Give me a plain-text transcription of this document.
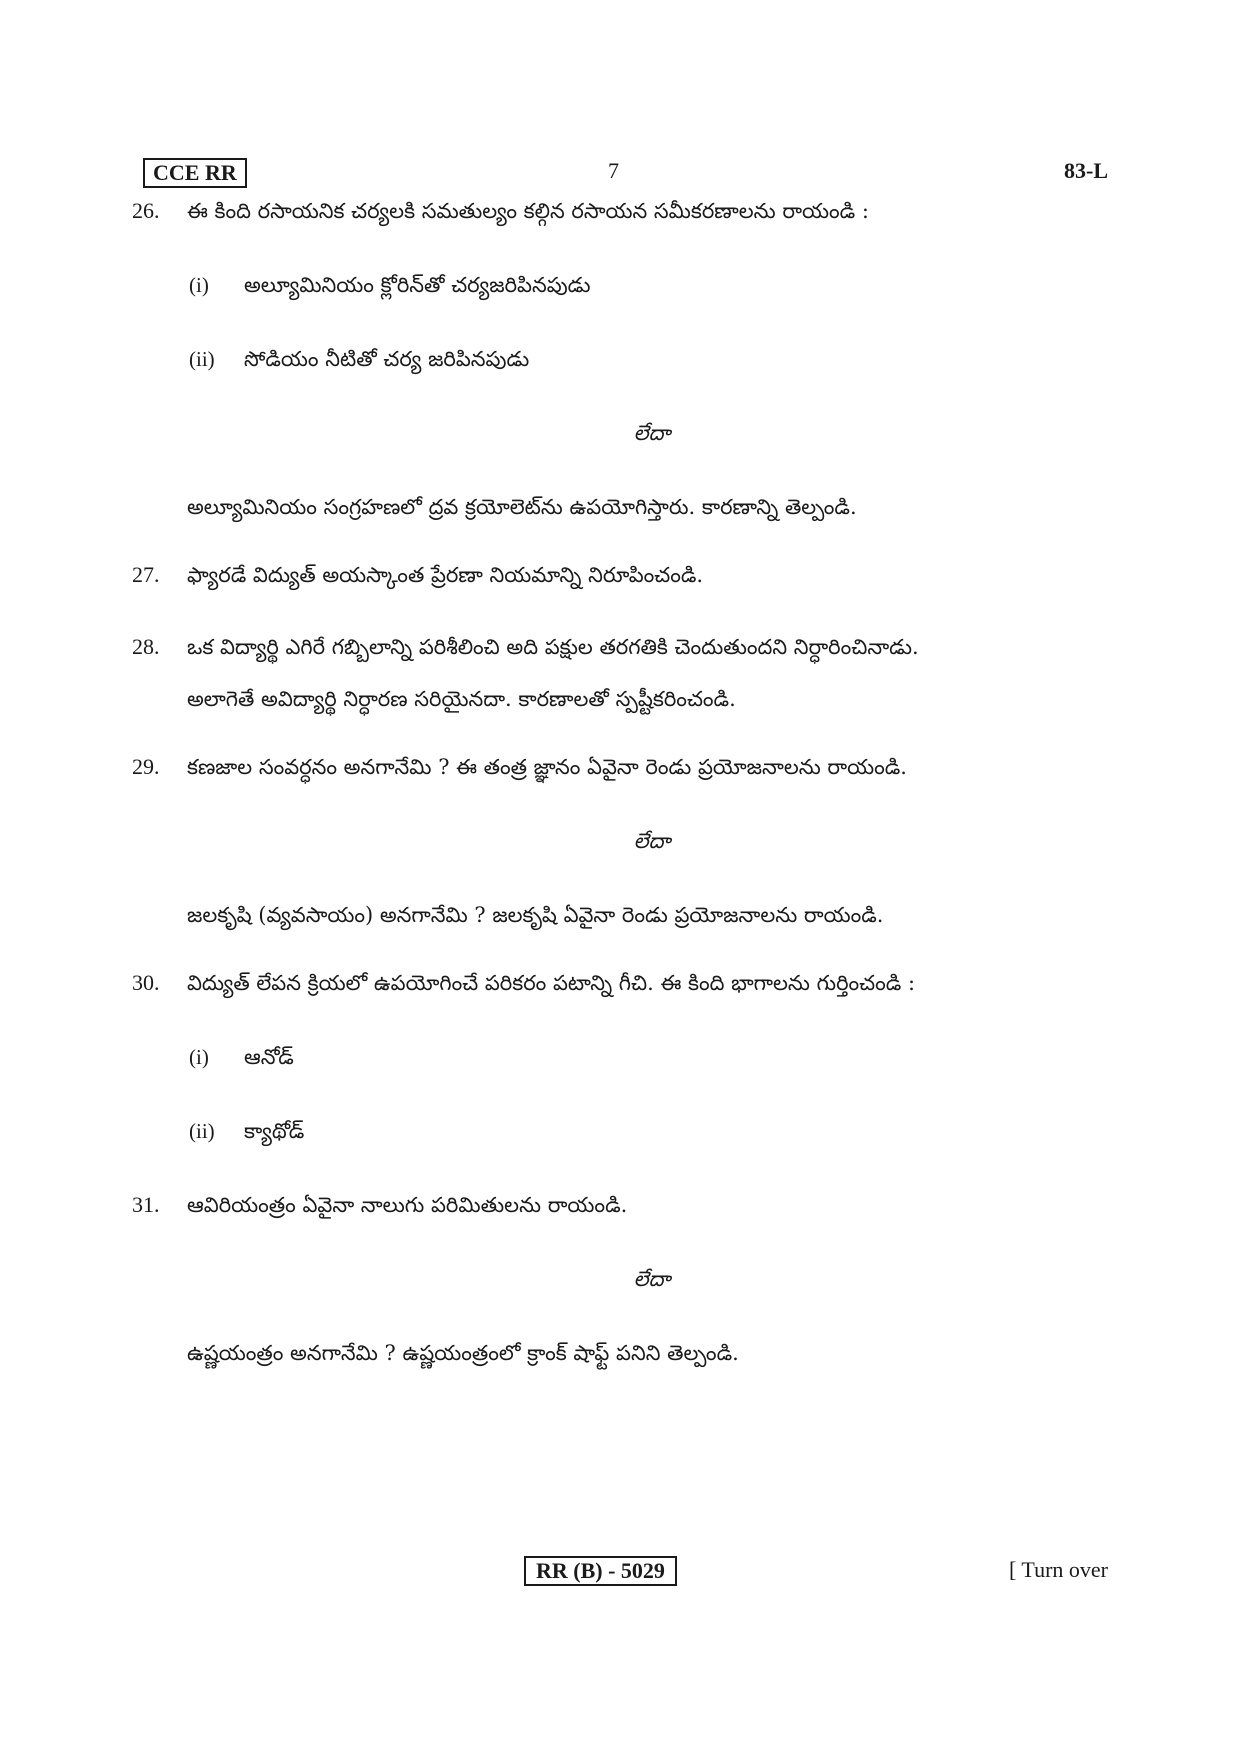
CCE RR	7	83-L
26. ఈ కింది రసాయనిక చర్యలకి సమతుల్యం కల్గిన రసాయన సమీకరణాలను రాయండి :
(i) అల్యూమినియం క్లోరిన్‌తో చర్యజరిపినపుడు
(ii) సోడియం నీటితో చర్య జరిపినపుడు
లేదా
అల్యూమినియం సంగ్రహణలో ద్రవ క్రయోలెట్‌ను ఉపయోగిస్తారు. కారణాన్ని తెల్పండి.
27. ఫ్యారడే విద్యుత్ అయస్కాంత ప్రేరణా నియమాన్ని నిరూపించండి.
28. ఒక విద్యార్థి ఎగిరే గబ్బిలాన్ని పరిశీలించి అది పక్షుల తరగతికి చెందుతుందని నిర్ధారించినాడు.
అలాగెతే అవిద్యార్థి నిర్ధారణ సరియైనదా. కారణాలతో స్పష్టీకరించండి.
29. కణజాల సంవర్ధనం అనగానేమి ? ఈ తంత్ర జ్ఞానం ఏవైనా రెండు ప్రయోజనాలను రాయండి.
లేదా
జలకృషి (వ్యవసాయం) అనగానేమి ? జలకృషి ఏవైనా రెండు ప్రయోజనాలను రాయండి.
30. విద్యుత్ లేపన క్రియలో ఉపయోగించే పరికరం పటాన్ని గీచి. ఈ కింది భాగాలను గుర్తించండి :
(i) ఆనోడ్
(ii) క్యాథోడ్
31. ఆవిరియంత్రం ఏవైనా నాలుగు పరిమితులను రాయండి.
లేదా
ఉష్ణయంత్రం అనగానేమి ? ఉష్ణయంత్రంలో క్రాంక్ షాఫ్ట్ పనిని తెల్పండి.
RR (B) - 5029	[ Turn over
